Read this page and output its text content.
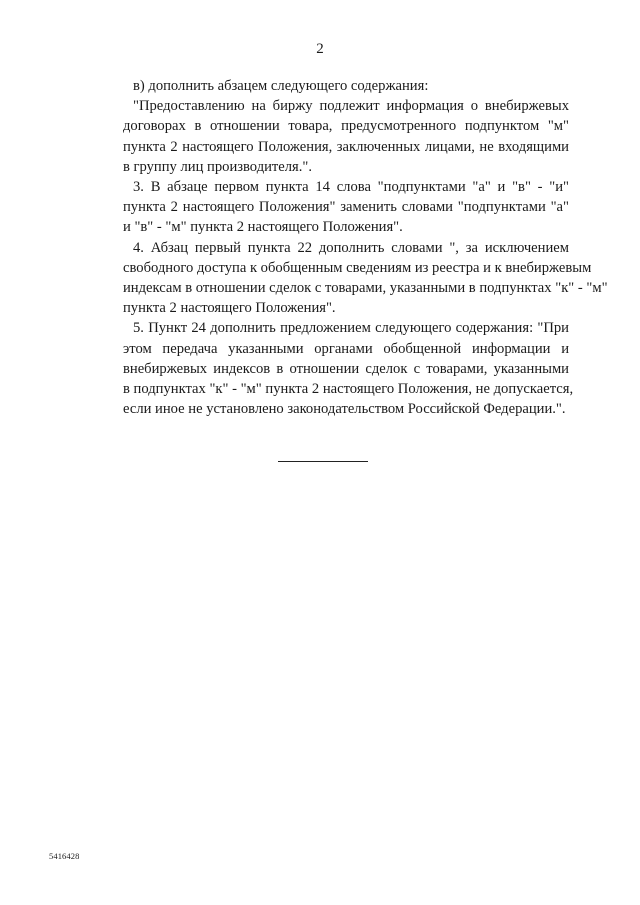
2

в) дополнить абзацем следующего содержания:

"Предоставлению на биржу подлежит информация о внебиржевых
договорах в отношении товара, предусмотренного подпунктом "м"
пункта 2 настоящего Положения, заключенных лицами, не входящими
в группу лиц производителя.".

3. В абзаце первом пункта 14 слова "подпунктами "а" и "в" - "и"
пункта 2 настоящего Положения" заменить словами "подпунктами "а"
и "в" - "м" пункта 2 настоящего Положения".

4. Абзац первый пункта 22 дополнить словами ", за исключением
свободного доступа к обобщенным сведениям из реестра и к внебиржевым
индексам в отношении сделок с товарами, указанными в подпунктах "к" - "м"
пункта 2 настоящего Положения".

5. Пункт 24 дополнить предложением следующего содержания: "При
этом передача указанными органами обобщенной информации и
внебиржевых индексов в отношении сделок с товарами, указанными
в подпунктах "к" - "м" пункта 2 настоящего Положения, не допускается,
если иное не установлено законодательством Российской Федерации.".

5416428
